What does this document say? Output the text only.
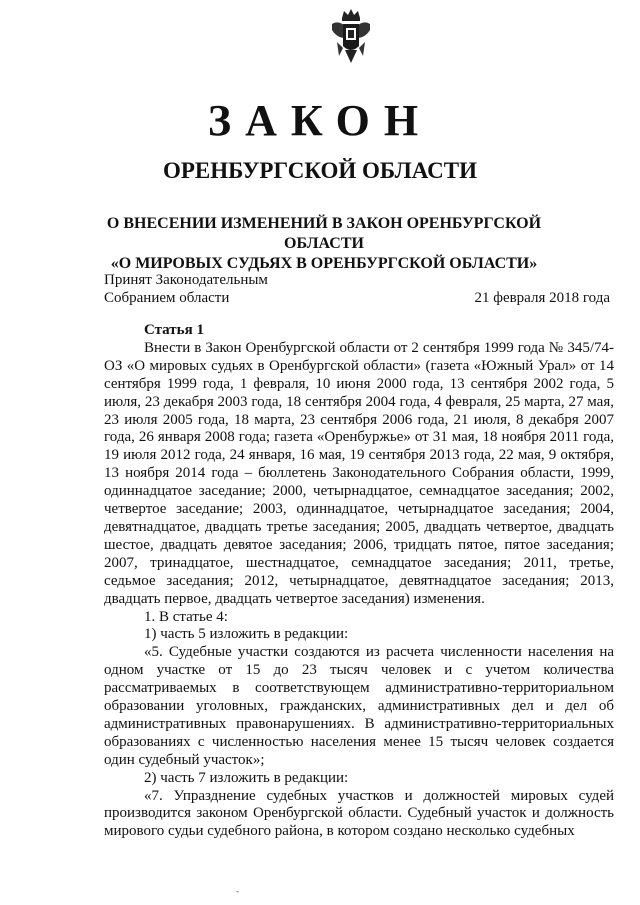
ЗАКОН
ОРЕНБУРГСКОЙ ОБЛАСТИ
О ВНЕСЕНИИ ИЗМЕНЕНИЙ В ЗАКОН ОРЕНБУРГСКОЙ ОБЛАСТИ
«О МИРОВЫХ СУДЬЯХ В ОРЕНБУРГСКОЙ ОБЛАСТИ»
Принят Законодательным
Собранием области	21 февраля 2018 года

Статья 1

Внести в Закон Оренбургской области от 2 сентября 1999 года № 345/74-ОЗ «О мировых судьях в Оренбургской области» (газета «Южный Урал» от 14 сентября 1999 года, 1 февраля, 10 июня 2000 года, 13 сентября 2002 года, 5 июля, 23 декабря 2003 года, 18 сентября 2004 года, 4 февраля, 25 марта, 27 мая, 23 июля 2005 года, 18 марта, 23 сентября 2006 года, 21 июля, 8 декабря 2007 года, 26 января 2008 года; газета «Оренбуржье» от 31 мая, 18 ноября 2011 года, 19 июля 2012 года, 24 января, 16 мая, 19 сентября 2013 года, 22 мая, 9 октября, 13 ноября 2014 года – бюллетень Законодательного Собрания области, 1999, одиннадцатое заседание; 2000, четырнадцатое, семнадцатое заседания; 2002, четвертое заседание; 2003, одиннадцатое, четырнадцатое заседания; 2004, девятнадцатое, двадцать третье заседания; 2005, двадцать четвертое, двадцать шестое, двадцать девятое заседания; 2006, тридцать пятое, пятое заседания; 2007, тринадцатое, шестнадцатое, семнадцатое заседания; 2011, третье, седьмое заседания; 2012, четырнадцатое, девятнадцатое заседания; 2013, двадцать первое, двадцать четвертое заседания) изменения.

1. В статье 4:

1) часть 5 изложить в редакции:

«5. Судебные участки создаются из расчета численности населения на одном участке от 15 до 23 тысяч человек и с учетом количества рассматриваемых в соответствующем административно-территориальном образовании уголовных, гражданских, административных дел и дел об административных правонарушениях. В административно-территориальных образованиях с численностью населения менее 15 тысяч человек создается один судебный участок»;

2) часть 7 изложить в редакции:

«7. Упразднение судебных участков и должностей мировых судей производится законом Оренбургской области. Судебный участок и должность мирового судьи судебного района, в котором создано несколько судебных

-
